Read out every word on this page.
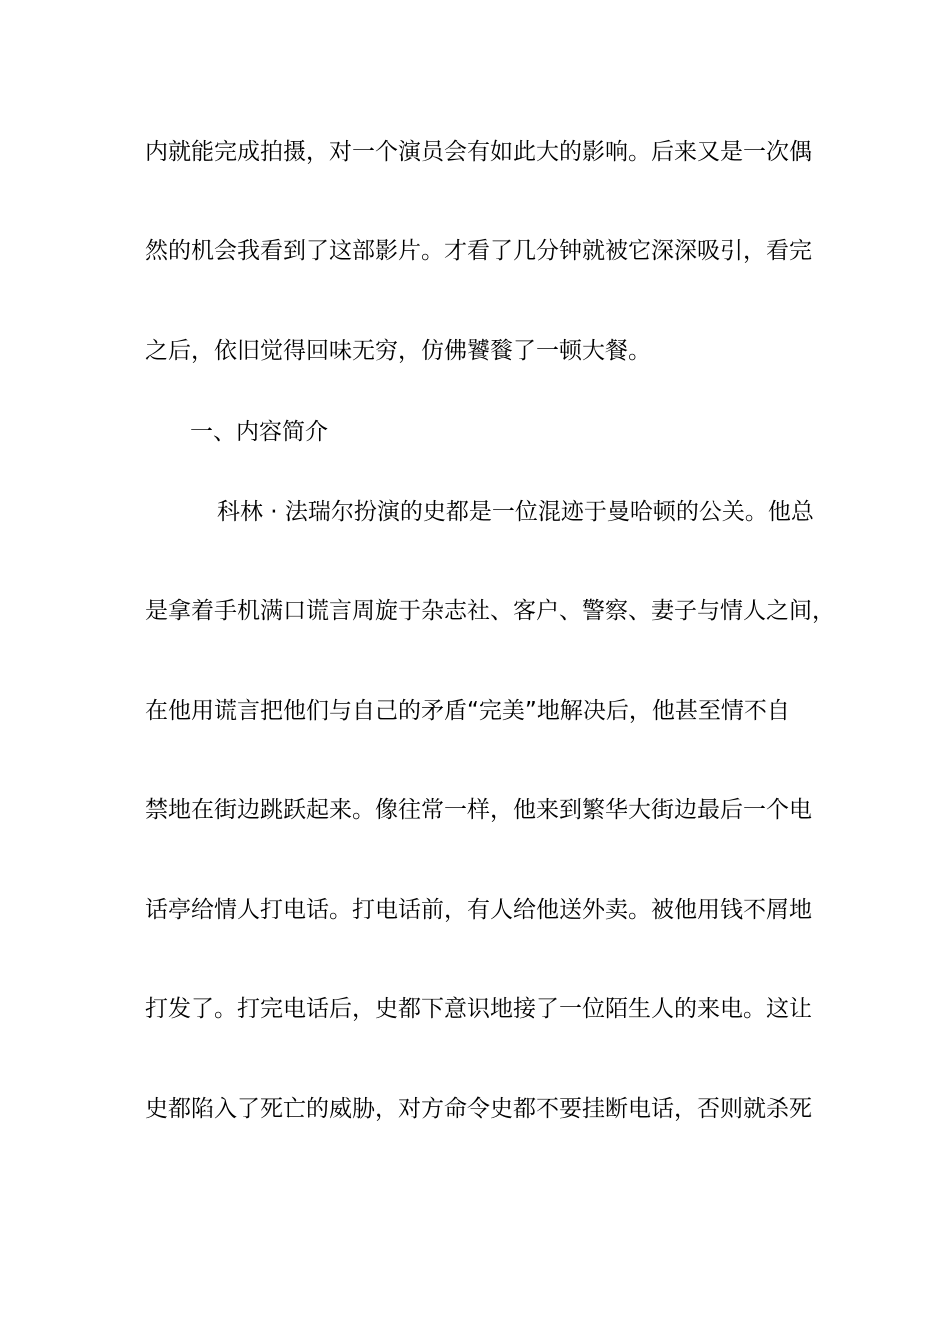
内就能完成拍摄，对一个演员会有如此大的影响。后来又是一次偶
然的机会我看到了这部影片。才看了几分钟就被它深深吸引，看完
之后，依旧觉得回味无穷，仿佛饕餮了一顿大餐。
一、内容简介
科林 · 法瑞尔扮演的史都是一位混迹于曼哈顿的公关。他总
是拿着手机满口谎言周旋于杂志社、客户、警察、妻子与情人之间，
在他用谎言把他们与自己的矛盾“完美”地解决后，他甚至情不自
禁地在街边跳跃起来。像往常一样，他来到繁华大街边最后一个电
话亭给情人打电话。打电话前，有人给他送外卖。被他用钱不屑地
打发了。打完电话后，史都下意识地接了一位陌生人的来电。这让
史都陷入了死亡的威胁，对方命令史都不要挂断电话，否则就杀死
